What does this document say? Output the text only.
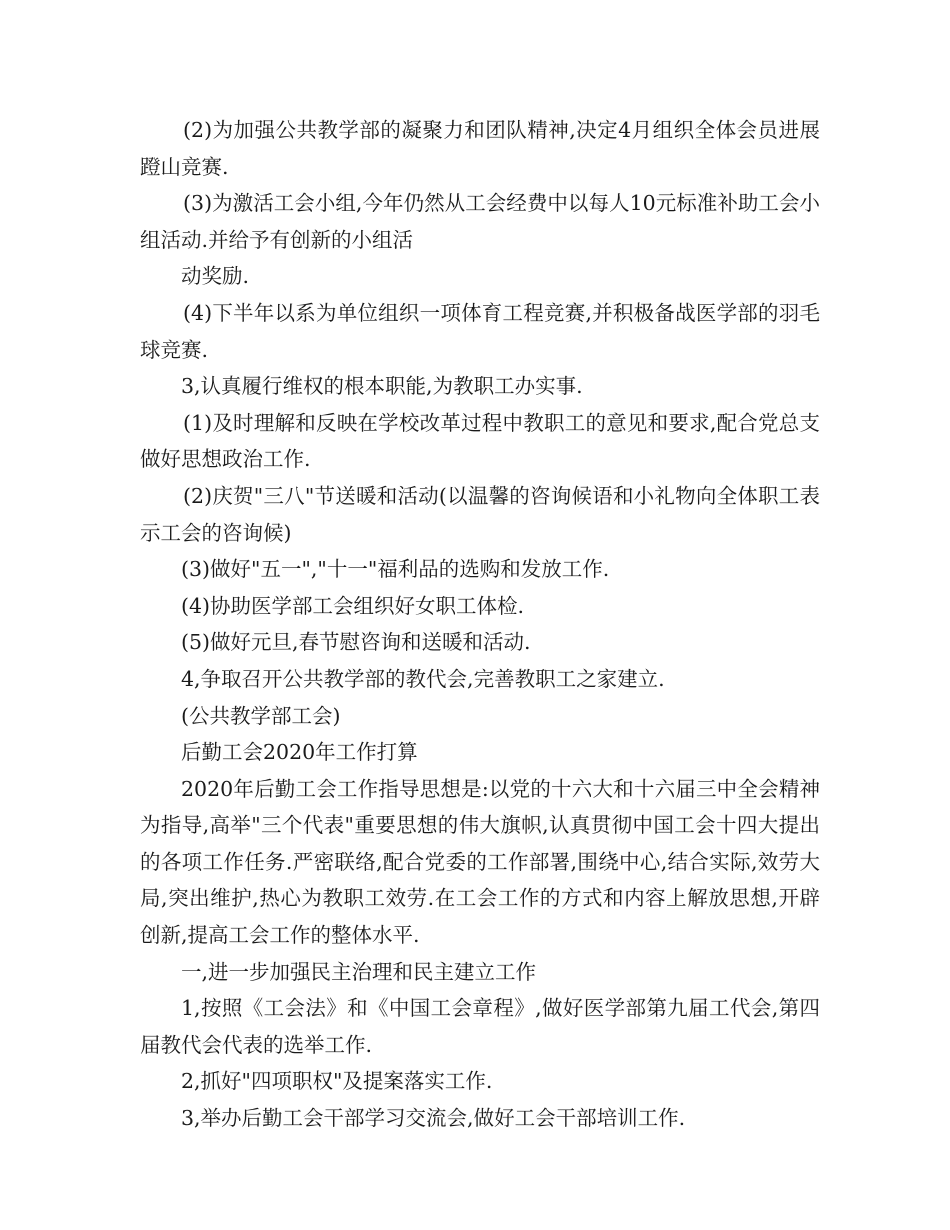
(2)为加强公共教学部的凝聚力和团队精神,决定4月组织全体会员进展蹬山竞赛.

(3)为激活工会小组,今年仍然从工会经费中以每人10元标准补助工会小组活动.并给予有创新的小组活

动奖励.

(4)下半年以系为单位组织一项体育工程竞赛,并积极备战医学部的羽毛球竞赛.

3,认真履行维权的根本职能,为教职工办实事.

(1)及时理解和反映在学校改革过程中教职工的意见和要求,配合党总支做好思想政治工作.

(2)庆贺"三八"节送暖和活动(以温馨的咨询候语和小礼物向全体职工表示工会的咨询候)

(3)做好"五一","十一"福利品的选购和发放工作.

(4)协助医学部工会组织好女职工体检.

(5)做好元旦,春节慰咨询和送暖和活动.

4,争取召开公共教学部的教代会,完善教职工之家建立.

(公共教学部工会)

后勤工会2020年工作打算

2020年后勤工会工作指导思想是:以党的十六大和十六届三中全会精神为指导,高举"三个代表"重要思想的伟大旗帜,认真贯彻中国工会十四大提出的各项工作任务.严密联络,配合党委的工作部署,围绕中心,结合实际,效劳大局,突出维护,热心为教职工效劳.在工会工作的方式和内容上解放思想,开辟创新,提高工会工作的整体水平.

一,进一步加强民主治理和民主建立工作

1,按照《工会法》和《中国工会章程》,做好医学部第九届工代会,第四届教代会代表的选举工作.

2,抓好"四项职权"及提案落实工作.

3,举办后勤工会干部学习交流会,做好工会干部培训工作.
